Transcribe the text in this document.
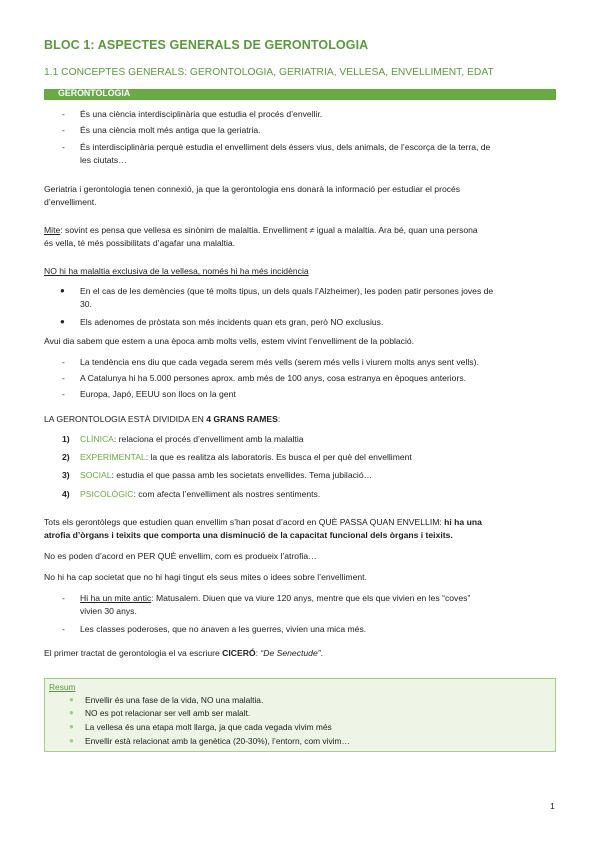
BLOC 1: ASPECTES GENERALS DE GERONTOLOGIA
1.1 CONCEPTES GENERALS: GERONTOLOGIA, GERIATRIA, VELLESA, ENVELLIMENT, EDAT
GERONTOLOGIA
- És una ciència interdisciplinària que estudia el procés d’envellir.
- És una ciència molt més antiga que la geriatria.
- És interdisciplinària perquè estudia el envelliment dels éssers vius, dels animals, de l’escorça de la terra, de
les ciutats…
Geriatria i gerontologia tenen connexió, ja que la gerontologia ens donarà la informació per estudiar el procés
d’envelliment.
Mite: sovint es pensa que vellesa es sinònim de malaltia. Envelliment ≠ igual a malaltia. Ara bé, quan una persona
és vella, té més possibilitats d’agafar una malaltia.
NO hi ha malaltia exclusiva de la vellesa, només hi ha més incidència
● En el cas de les demències (que té molts tipus, un dels quals l’Alzheimer), les poden patir persones joves de
30.
● Els adenomes de pròstata son més incidents quan ets gran, però NO exclusius.
Avui dia sabem que estem a una època amb molts vells, estem vivint l’envelliment de la població.
- La tendència ens diu que cada vegada serem més vells (serem més vells i viurem molts anys sent vells).
- A Catalunya hi ha 5.000 persones aprox. amb més de 100 anys, cosa estranya en èpoques anteriors.
- Europa, Japó, EEUU son llocs on la gent
LA GERONTOLOGIA ESTÀ DIVIDIDA EN 4 GRANS RAMES:
1) CLÍNICA: relaciona el procés d’envelliment amb la malaltia
2) EXPERIMENTAL: la que es realitza als laboratoris. Es busca el per què del envelliment
3) SOCIAL: estudia el que passa amb les societats envellides. Tema jubilació…
4) PSICOLÒGIC: com afecta l’envelliment als nostres sentiments.
Tots els gerontòlegs que estudien quan envellim s’han posat d’acord en QUÈ PASSA QUAN ENVELLIM: hi ha una
atrofia d’òrgans i teixits que comporta una disminució de la capacitat funcional dels òrgans i teixits.
No es poden d’acord en PER QUÈ envellim, com es produeix l’atrofia…
No hi ha cap societat que no hi hagi tingut els seus mites o idees sobre l’envelliment.
- Hi ha un mite antic: Matusalem. Diuen que va viure 120 anys, mentre que els que vivien en les “coves”
vivien 30 anys.
- Les classes poderoses, que no anaven a les guerres, vivien una mica més.
El primer tractat de gerontologia el va escriure CICERÓ: “De Senectude”.
Resum
● Envellir és una fase de la vida, NO una malaltia.
● NO es pot relacionar ser vell amb ser malalt.
● La vellesa és una etapa molt llarga, ja que cada vegada vivim més
● Envellir està relacionat amb la genètica (20-30%), l’entorn, com vivim…
1
